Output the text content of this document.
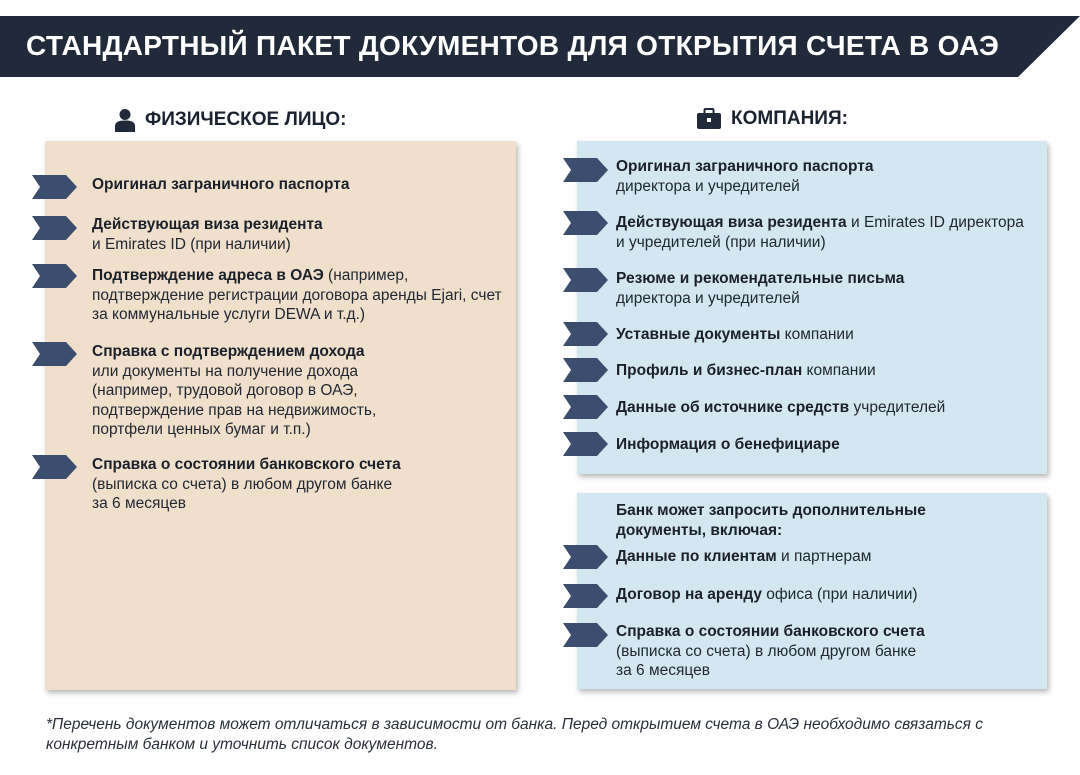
СТАНДАРТНЫЙ ПАКЕТ ДОКУМЕНТОВ ДЛЯ ОТКРЫТИЯ СЧЕТА В ОАЭ
ФИЗИЧЕСКОЕ ЛИЦО:	КОМПАНИЯ:
Оригинал заграничного паспорта
Действующая виза резидента
и Emirates ID (при наличии)
Подтверждение адреса в ОАЭ (например, подтверждение регистрации договора аренды Ejari, счет за коммунальные услуги DEWA и т.д.)
Справка с подтверждением дохода
или документы на получение дохода (например, трудовой договор в ОАЭ, подтверждение прав на недвижимость, портфели ценных бумаг и т.п.)
Справка о состоянии банковского счета
(выписка со счета) в любом другом банке за 6 месяцев
Оригинал заграничного паспорта
директора и учредителей
Действующая виза резидента и Emirates ID директора и учредителей (при наличии)
Резюме и рекомендательные письма
директора и учредителей
Уставные документы компании
Профиль и бизнес-план компании
Данные об источнике средств учредителей
Информация о бенефициаре
Банк может запросить дополнительные документы, включая:
Данные по клиентам и партнерам
Договор на аренду офиса (при наличии)
Справка о состоянии банковского счета
(выписка со счета) в любом другом банке за 6 месяцев
*Перечень документов может отличаться в зависимости от банка. Перед открытием счета в ОАЭ необходимо связаться с конкретным банком и уточнить список документов.
